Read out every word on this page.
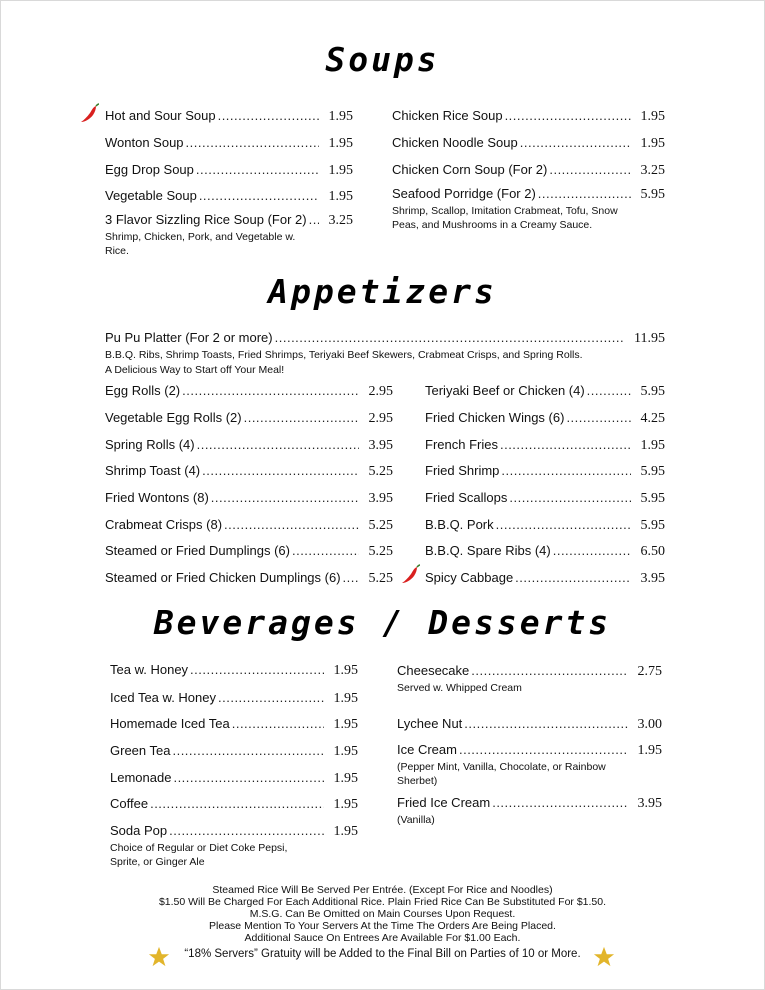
Soups
Hot and Sour Soup .....	1.95
Wonton Soup .....	1.95
Egg Drop Soup .....	1.95
Vegetable Soup .....	1.95
3 Flavor Sizzling Rice Soup (For 2) ..... 3.25
Shrimp, Chicken, Pork, and Vegetable w. Rice.
Chicken Rice Soup .....	1.95
Chicken Noodle Soup .....	1.95
Chicken Corn Soup (For 2) .....	3.25
Seafood Porridge (For 2) .....	5.95
Shrimp, Scallop, Imitation Crabmeat, Tofu, Snow Peas, and Mushrooms in a Creamy Sauce.
Appetizers
Pu Pu Platter (For 2 or more) .....	11.95
B.B.Q. Ribs, Shrimp Toasts, Fried Shrimps, Teriyaki Beef Skewers, Crabmeat Crisps, and Spring Rolls.
A Delicious Way to Start off Your Meal!
Egg Rolls (2) .....	2.95
Vegetable Egg Rolls (2) .....	2.95
Spring Rolls (4) .....	3.95
Shrimp Toast (4) .....	5.25
Fried Wontons (8) .....	3.95
Crabmeat Crisps (8) .....	5.25
Steamed or Fried Dumplings (6) .....	5.25
Steamed or Fried Chicken Dumplings (6) ..... 5.25
Teriyaki Beef or Chicken (4) .....	5.95
Fried Chicken Wings (6) .....	4.25
French Fries .....	1.95
Fried Shrimp .....	5.95
Fried Scallops .....	5.95
B.B.Q. Pork .....	5.95
B.B.Q. Spare Ribs (4) .....	6.50
Spicy Cabbage .....	3.95
Beverages / Desserts
Tea w. Honey .....	1.95
Iced Tea w. Honey .....	1.95
Homemade Iced Tea .....	1.95
Green Tea .....	1.95
Lemonade .....	1.95
Coffee .....	1.95
Soda Pop .....	1.95
Choice of Regular or Diet Coke Pepsi, Sprite, or Ginger Ale
Cheesecake .....	2.75
Served w. Whipped Cream
Lychee Nut .....	3.00
Ice Cream .....	1.95
(Pepper Mint, Vanilla, Chocolate, or Rainbow Sherbet)
Fried Ice Cream .....	3.95
(Vanilla)
Steamed Rice Will Be Served Per Entrée. (Except For Rice and Noodles)
$1.50 Will Be Charged For Each Additional Rice. Plain Fried Rice Can Be Substituted For $1.50.
M.S.G. Can Be Omitted on Main Courses Upon Request.
Please Mention To Your Servers At the Time The Orders Are Being Placed.
Additional Sauce On Entrees Are Available For $1.00 Each.
“18% Servers” Gratuity will be Added to the Final Bill on Parties of 10 or More.
